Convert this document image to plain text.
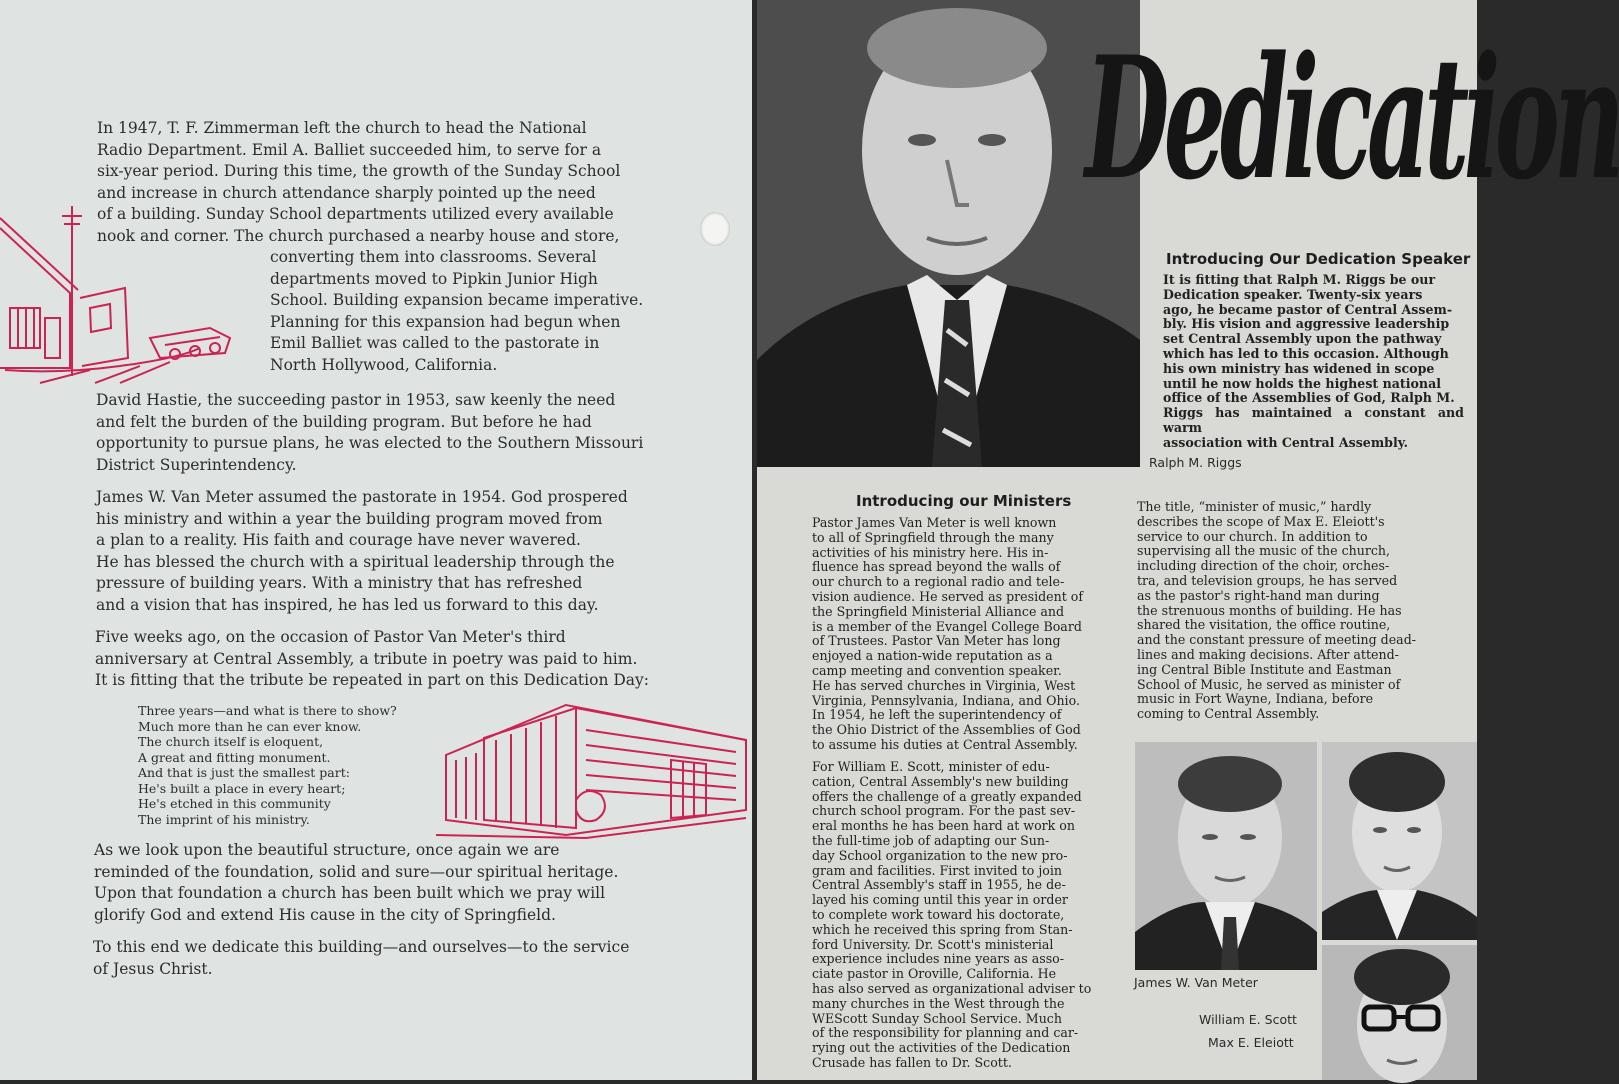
In 1947, T. F. Zimmerman left the church to head the National
Radio Department. Emil A. Balliet succeeded him, to serve for a
six-year period. During this time, the growth of the Sunday School
and increase in church attendance sharply pointed up the need
of a building. Sunday School departments utilized every available
nook and corner. The church purchased a nearby house and store,

converting them into classrooms. Several
departments moved to Pipkin Junior High
School. Building expansion became imperative.
Planning for this expansion had begun when
Emil Balliet was called to the pastorate in
North Hollywood, California.

David Hastie, the succeeding pastor in 1953, saw keenly the need
and felt the burden of the building program. But before he had
opportunity to pursue plans, he was elected to the Southern Missouri
District Superintendency.

James W. Van Meter assumed the pastorate in 1954. God prospered
his ministry and within a year the building program moved from
a plan to a reality. His faith and courage have never wavered.
He has blessed the church with a spiritual leadership through the
pressure of building years. With a ministry that has refreshed
and a vision that has inspired, he has led us forward to this day.

Five weeks ago, on the occasion of Pastor Van Meter's third
anniversary at Central Assembly, a tribute in poetry was paid to him.
It is fitting that the tribute be repeated in part on this Dedication Day:

Three years—and what is there to show?
Much more than he can ever know.
The church itself is eloquent,
A great and fitting monument.
And that is just the smallest part:
He's built a place in every heart;
He's etched in this community
The imprint of his ministry.

As we look upon the beautiful structure, once again we are
reminded of the foundation, solid and sure—our spiritual heritage.
Upon that foundation a church has been built which we pray will
glorify God and extend His cause in the city of Springfield.

To this end we dedicate this building—and ourselves—to the service
of Jesus Christ.

Dedication

Introducing Our Dedication Speaker

It is fitting that Ralph M. Riggs be our
Dedication speaker. Twenty-six years
ago, he became pastor of Central Assem-
bly. His vision and aggressive leadership
set Central Assembly upon the pathway
which has led to this occasion. Although
his own ministry has widened in scope
until he now holds the highest national
office of the Assemblies of God, Ralph M.
Riggs has maintained a constant and warm
association with Central Assembly.

Ralph M. Riggs

Introducing our Ministers

Pastor James Van Meter is well known
to all of Springfield through the many
activities of his ministry here. His in-
fluence has spread beyond the walls of
our church to a regional radio and tele-
vision audience. He served as president of
the Springfield Ministerial Alliance and
is a member of the Evangel College Board
of Trustees. Pastor Van Meter has long
enjoyed a nation-wide reputation as a
camp meeting and convention speaker.
He has served churches in Virginia, West
Virginia, Pennsylvania, Indiana, and Ohio.
In 1954, he left the superintendency of
the Ohio District of the Assemblies of God
to assume his duties at Central Assembly.

For William E. Scott, minister of edu-
cation, Central Assembly's new building
offers the challenge of a greatly expanded
church school program. For the past sev-
eral months he has been hard at work on
the full-time job of adapting our Sun-
day School organization to the new pro-
gram and facilities. First invited to join
Central Assembly's staff in 1955, he de-
layed his coming until this year in order
to complete work toward his doctorate,
which he received this spring from Stan-
ford University. Dr. Scott's ministerial
experience includes nine years as asso-
ciate pastor in Oroville, California. He
has also served as organizational adviser to
many churches in the West through the
WEScott Sunday School Service. Much
of the responsibility for planning and car-
rying out the activities of the Dedication
Crusade has fallen to Dr. Scott.

The title, “minister of music,” hardly
describes the scope of Max E. Eleiott's
service to our church. In addition to
supervising all the music of the church,
including direction of the choir, orches-
tra, and television groups, he has served
as the pastor's right-hand man during
the strenuous months of building. He has
shared the visitation, the office routine,
and the constant pressure of meeting dead-
lines and making decisions. After attend-
ing Central Bible Institute and Eastman
School of Music, he served as minister of
music in Fort Wayne, Indiana, before
coming to Central Assembly.

James W. Van Meter

William E. Scott

Max E. Eleiott
